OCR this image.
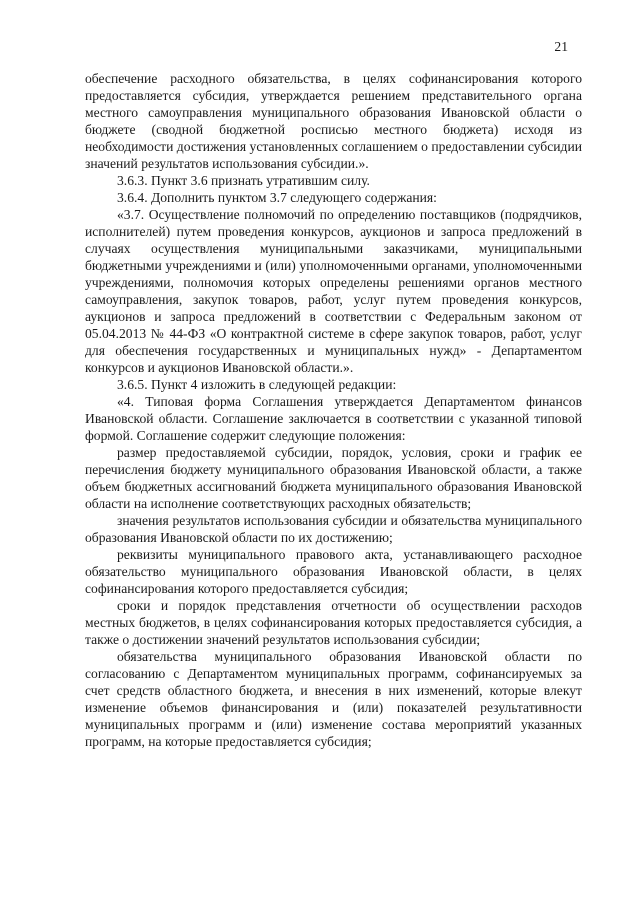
21

обеспечение расходного обязательства, в целях софинансирования которого предоставляется субсидия, утверждается решением представительного органа местного самоуправления муниципального образования Ивановской области о бюджете (сводной бюджетной росписью местного бюджета) исходя из необходимости достижения установленных соглашением о предоставлении субсидии значений результатов использования субсидии.».

3.6.3. Пункт 3.6 признать утратившим силу.

3.6.4. Дополнить пунктом 3.7 следующего содержания:

«3.7. Осуществление полномочий по определению поставщиков (подрядчиков, исполнителей) путем проведения конкурсов, аукционов и запроса предложений в случаях осуществления муниципальными заказчиками, муниципальными бюджетными учреждениями и (или) уполномоченными органами, уполномоченными учреждениями, полномочия которых определены решениями органов местного самоуправления, закупок товаров, работ, услуг путем проведения конкурсов, аукционов и запроса предложений в соответствии с Федеральным законом от 05.04.2013 № 44-ФЗ «О контрактной системе в сфере закупок товаров, работ, услуг для обеспечения государственных и муниципальных нужд» - Департаментом конкурсов и аукционов Ивановской области.».

3.6.5. Пункт 4 изложить в следующей редакции:

«4. Типовая форма Соглашения утверждается Департаментом финансов Ивановской области. Соглашение заключается в соответствии с указанной типовой формой. Соглашение содержит следующие положения:

размер предоставляемой субсидии, порядок, условия, сроки и график ее перечисления бюджету муниципального образования Ивановской области, а также объем бюджетных ассигнований бюджета муниципального образования Ивановской области на исполнение соответствующих расходных обязательств;

значения результатов использования субсидии и обязательства муниципального образования Ивановской области по их достижению;

реквизиты муниципального правового акта, устанавливающего расходное обязательство муниципального образования Ивановской области, в целях софинансирования которого предоставляется субсидия;

сроки и порядок представления отчетности об осуществлении расходов местных бюджетов, в целях софинансирования которых предоставляется субсидия, а также о достижении значений результатов использования субсидии;

обязательства муниципального образования Ивановской области по согласованию с Департаментом муниципальных программ, софинансируемых за счет средств областного бюджета, и внесения в них изменений, которые влекут изменение объемов финансирования и (или) показателей результативности муниципальных программ и (или) изменение состава мероприятий указанных программ, на которые предоставляется субсидия;
